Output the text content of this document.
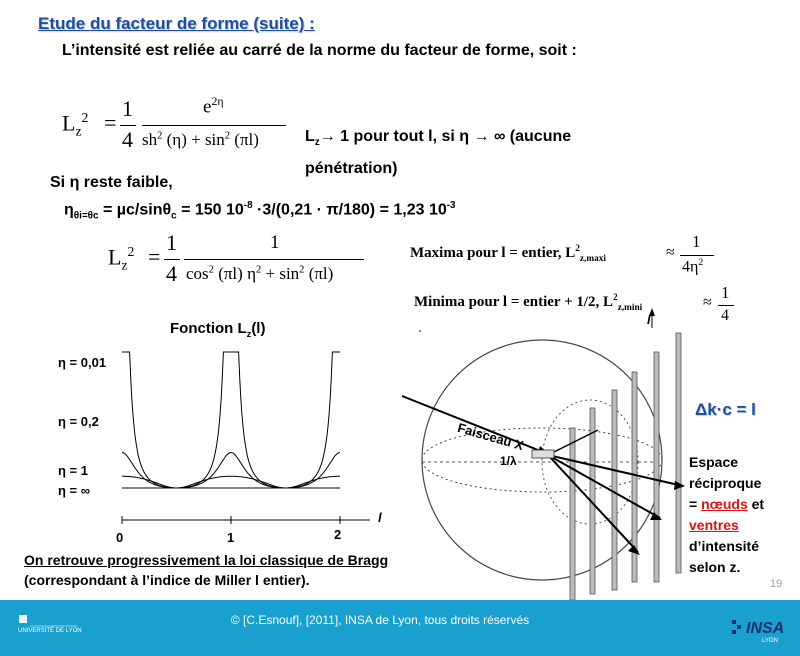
Etude du facteur de forme (suite) :
L’intensité est reliée au carré de la norme du facteur de forme, soit :
$L_z^2$ =
1
4
$e^{2\eta}$
$sh^2$ $(\eta) + \sin^2 (\pi l)$	$L_z\to 1$ pour tout l, si η → ∞ (aucune
pénétration)
Si η reste faible,
$\eta_{\theta i=\theta c} = \mu c/\sin\theta_c = 150$ $10^{-8} \cdot 3/(0,21 \cdot \pi/180) = 1,23$ $10^{-3}$
$L_z^2$ =
1
4
1
$\cos^2 (\pi l) \eta^2 + \sin^2 (\pi l)$
Maxima pour l = entier, $L^2_{z,maxi}$	≈
1
$4\eta^2$
Minima pour l = entier + 1/2, $L^2_{z,mini}$	≈
1
4
Fonction $L_z(l)$
η = 0,01
η = 0,2
η = 1
η = ∞
0	1	2
l
Faisceau X
1/λ
l
Δk·c = l
Espace
réciproque
= nœuds et
ventres
d’intensité
selon z.
On retrouve progressivement la loi classique de Bragg (correspondant à l’indice de Miller l entier).	19
© [C.Esnouf], [2011], INSA de Lyon, tous droits réservés
UNIVERSITÉ DE LYON	INSA
LYON
